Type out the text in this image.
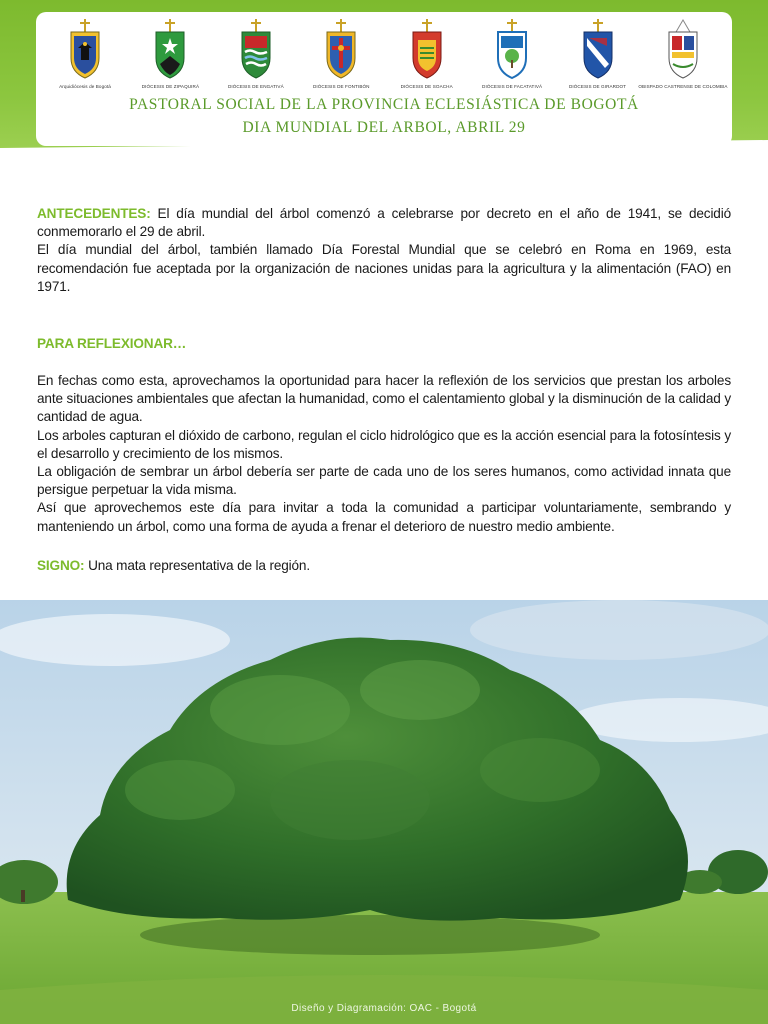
Arquidiócesis de Bogotá	DIÓCESIS DE ZIPAQUIRÁ	DIÓCESIS DE ENGATIVÁ	DIÓCESIS DE FONTIBÓN	DIÓCESIS DE SOACHA	DIÓCESIS DE FACATATIVÁ	DIÓCESIS DE GIRARDOT	OBISPADO CASTRENSE DE COLOMBIA
PASTORAL SOCIAL DE LA PROVINCIA ECLESIÁSTICA DE BOGOTÁ
DIA MUNDIAL DEL ARBOL, ABRIL 29

ANTECEDENTES: El día mundial del árbol comenzó a celebrarse por decreto en el año de 1941, se decidió conmemorarlo el 29 de abril.

El día mundial del árbol, también llamado Día Forestal Mundial que se celebró en Roma en 1969, esta recomendación fue aceptada por la organización de naciones unidas para la agricultura y la alimentación (FAO) en 1971.

PARA REFLEXIONAR…

En fechas como esta, aprovechamos la oportunidad para hacer la reflexión de los servicios que prestan los arboles ante situaciones ambientales que afectan la humanidad, como el calentamiento global y la disminución de la calidad y cantidad de agua.

Los arboles capturan el dióxido de carbono, regulan el ciclo hidrológico que es la acción esencial para la fotosíntesis y el desarrollo y crecimiento de los mismos.

La obligación de sembrar un árbol debería ser parte de cada uno de los seres humanos, como actividad innata que persigue perpetuar la vida misma.

Así que aprovechemos este día para invitar a toda la comunidad a participar voluntariamente, sembrando y manteniendo un árbol, como una forma de ayuda a frenar el deterioro de nuestro medio ambiente.

SIGNO: Una mata representativa de la región.

Diseño y Diagramación: OAC - Bogotá
